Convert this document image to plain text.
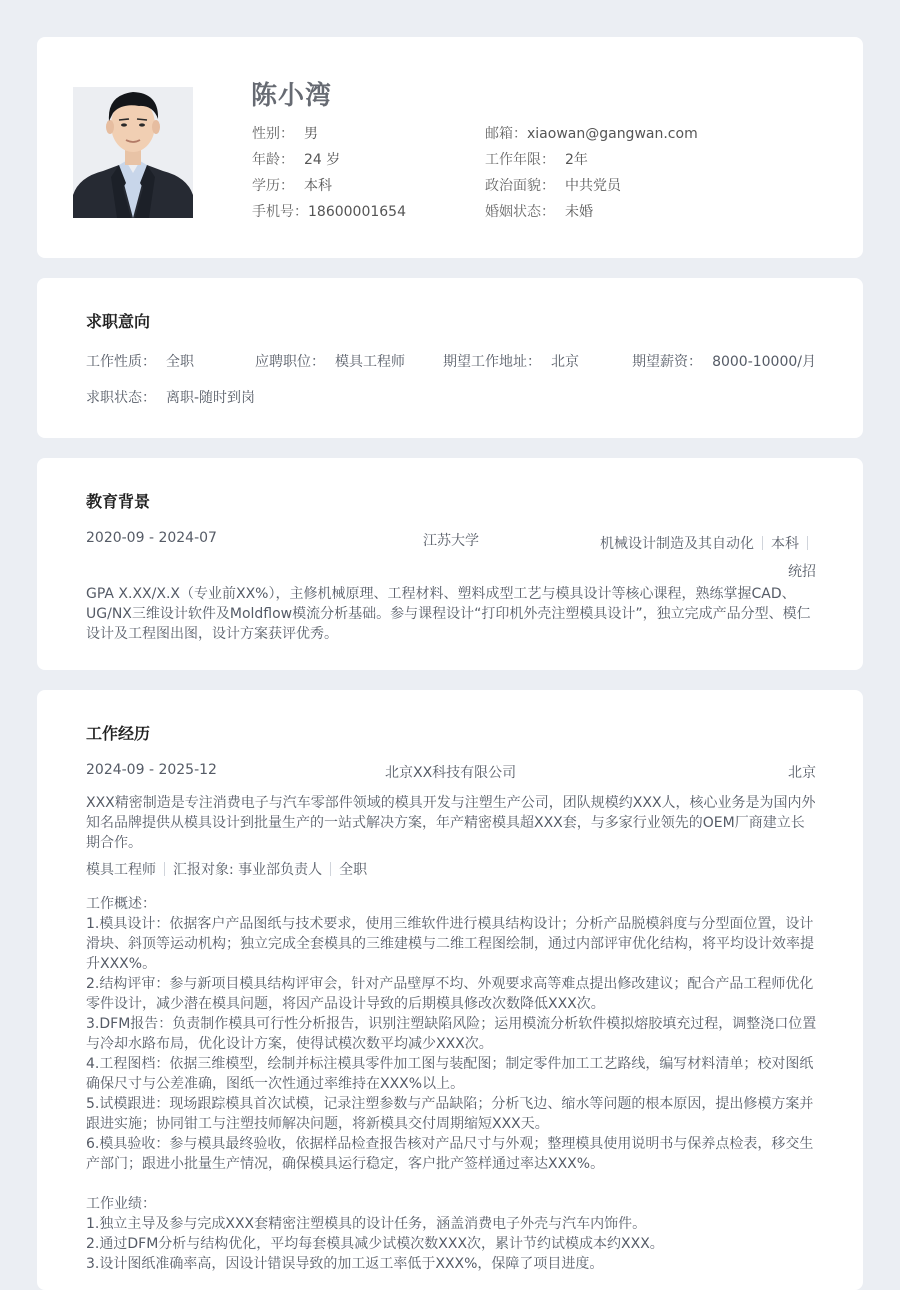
陈小湾
性别： 男
年龄： 24 岁
学历： 本科
手机号：18600001654
邮箱：xiaowan@gangwan.com
工作年限： 2年
政治面貌： 中共党员
婚姻状态： 未婚
求职意向
工作性质： 全职	应聘职位： 模具工程师	期望工作地址： 北京	期望薪资： 8000-10000/月
求职状态： 离职-随时到岗
教育背景
2020-09 - 2024-07	江苏大学	机械设计制造及其自动化 本科
统招
GPA X.XX/X.X（专业前XX%），主修机械原理、工程材料、塑料成型工艺与模具设计等核心课程，熟练掌握CAD、UG/NX三维设计软件及Moldflow模流分析基础。参与课程设计“打印机外壳注塑模具设计”，独立完成产品分型、模仁设计及工程图出图，设计方案获评优秀。
工作经历
2024-09 - 2025-12	北京XX科技有限公司	北京
XXX精密制造是专注消费电子与汽车零部件领域的模具开发与注塑生产公司，团队规模约XXX人，核心业务是为国内外知名品牌提供从模具设计到批量生产的一站式解决方案，年产精密模具超XXX套，与多家行业领先的OEM厂商建立长期合作。
模具工程师 汇报对象: 事业部负责人 全职

工作概述：

1.模具设计：依据客户产品图纸与技术要求，使用三维软件进行模具结构设计；分析产品脱模斜度与分型面位置，设计滑块、斜顶等运动机构；独立完成全套模具的三维建模与二维工程图绘制，通过内部评审优化结构，将平均设计效率提升XXX%。

2.结构评审：参与新项目模具结构评审会，针对产品壁厚不均、外观要求高等难点提出修改建议；配合产品工程师优化零件设计，减少潜在模具问题，将因产品设计导致的后期模具修改次数降低XXX次。

3.DFM报告：负责制作模具可行性分析报告，识别注塑缺陷风险；运用模流分析软件模拟熔胶填充过程，调整浇口位置与冷却水路布局，优化设计方案，使得试模次数平均减少XXX次。

4.工程图档：依据三维模型，绘制并标注模具零件加工图与装配图；制定零件加工工艺路线，编写材料清单；校对图纸确保尺寸与公差准确，图纸一次性通过率维持在XXX%以上。

5.试模跟进：现场跟踪模具首次试模，记录注塑参数与产品缺陷；分析飞边、缩水等问题的根本原因，提出修模方案并跟进实施；协同钳工与注塑技师解决问题，将新模具交付周期缩短XXX天。

6.模具验收：参与模具最终验收，依据样品检查报告核对产品尺寸与外观；整理模具使用说明书与保养点检表，移交生产部门；跟进小批量生产情况，确保模具运行稳定，客户批产签样通过率达XXX%。

工作业绩：

1.独立主导及参与完成XXX套精密注塑模具的设计任务，涵盖消费电子外壳与汽车内饰件。

2.通过DFM分析与结构优化，平均每套模具减少试模次数XXX次，累计节约试模成本约XXX。

3.设计图纸准确率高，因设计错误导致的加工返工率低于XXX%，保障了项目进度。
